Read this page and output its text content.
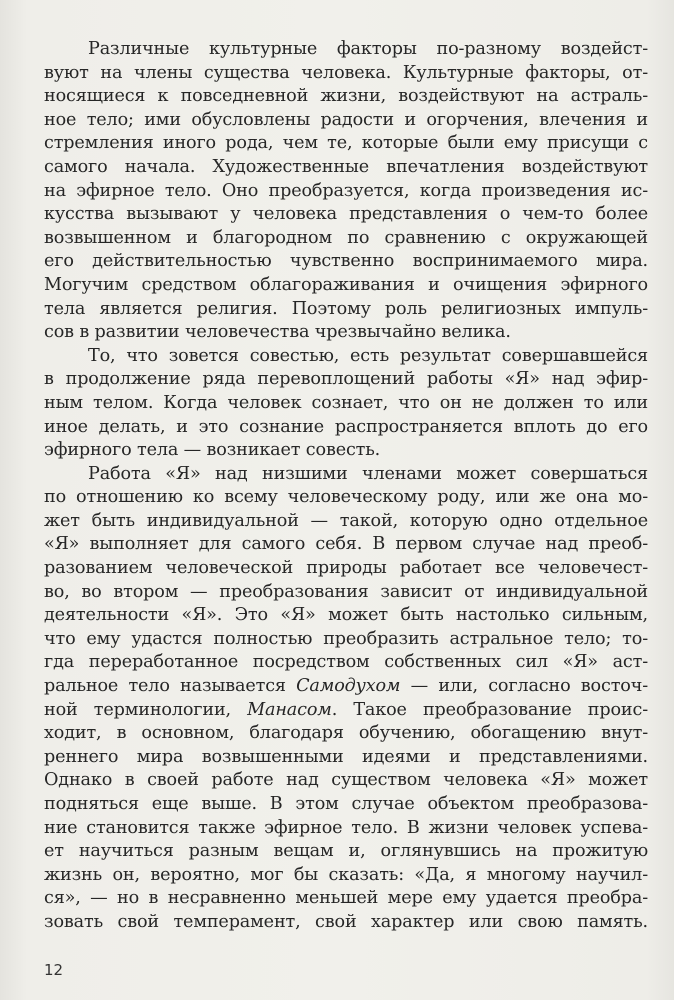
Различные культурные факторы по-разному воздейст-
вуют на члены существа человека. Культурные факторы, от-
носящиеся к повседневной жизни, воздействуют на астраль-
ное тело; ими обусловлены радости и огорчения, влечения и
стремления иного рода, чем те, которые были ему присущи с
самого начала. Художественные впечатления воздействуют
на эфирное тело. Оно преобразуется, когда произведения ис-
кусства вызывают у человека представления о чем-то более
возвышенном и благородном по сравнению с окружающей
его действительностью чувственно воспринимаемого мира.
Могучим средством облагораживания и очищения эфирного
тела является религия. Поэтому роль религиозных импуль-
сов в развитии человечества чрезвычайно велика.
То, что зовется совестью, есть результат совершавшейся
в продолжение ряда перевоплощений работы «Я» над эфир-
ным телом. Когда человек сознает, что он не должен то или
иное делать, и это сознание распространяется вплоть до его
эфирного тела — возникает совесть.
Работа «Я» над низшими членами может совершаться
по отношению ко всему человеческому роду, или же она мо-
жет быть индивидуальной — такой, которую одно отдельное
«Я» выполняет для самого себя. В первом случае над преоб-
разованием человеческой природы работает все человечест-
во, во втором — преобразования зависит от индивидуальной
деятельности «Я». Это «Я» может быть настолько сильным,
что ему удастся полностью преобразить астральное тело; то-
гда переработанное посредством собственных сил «Я» аст-
ральное тело называется Самодухом — или, согласно восточ-
ной терминологии, Манасом. Такое преобразование проис-
ходит, в основном, благодаря обучению, обогащению внут-
реннего мира возвышенными идеями и представлениями.
Однако в своей работе над существом человека «Я» может
подняться еще выше. В этом случае объектом преобразова-
ние становится также эфирное тело. В жизни человек успева-
ет научиться разным вещам и, оглянувшись на прожитую
жизнь он, вероятно, мог бы сказать: «Да, я многому научил-
ся», — но в несравненно меньшей мере ему удается преобра-
зовать свой темперамент, свой характер или свою память.
12
